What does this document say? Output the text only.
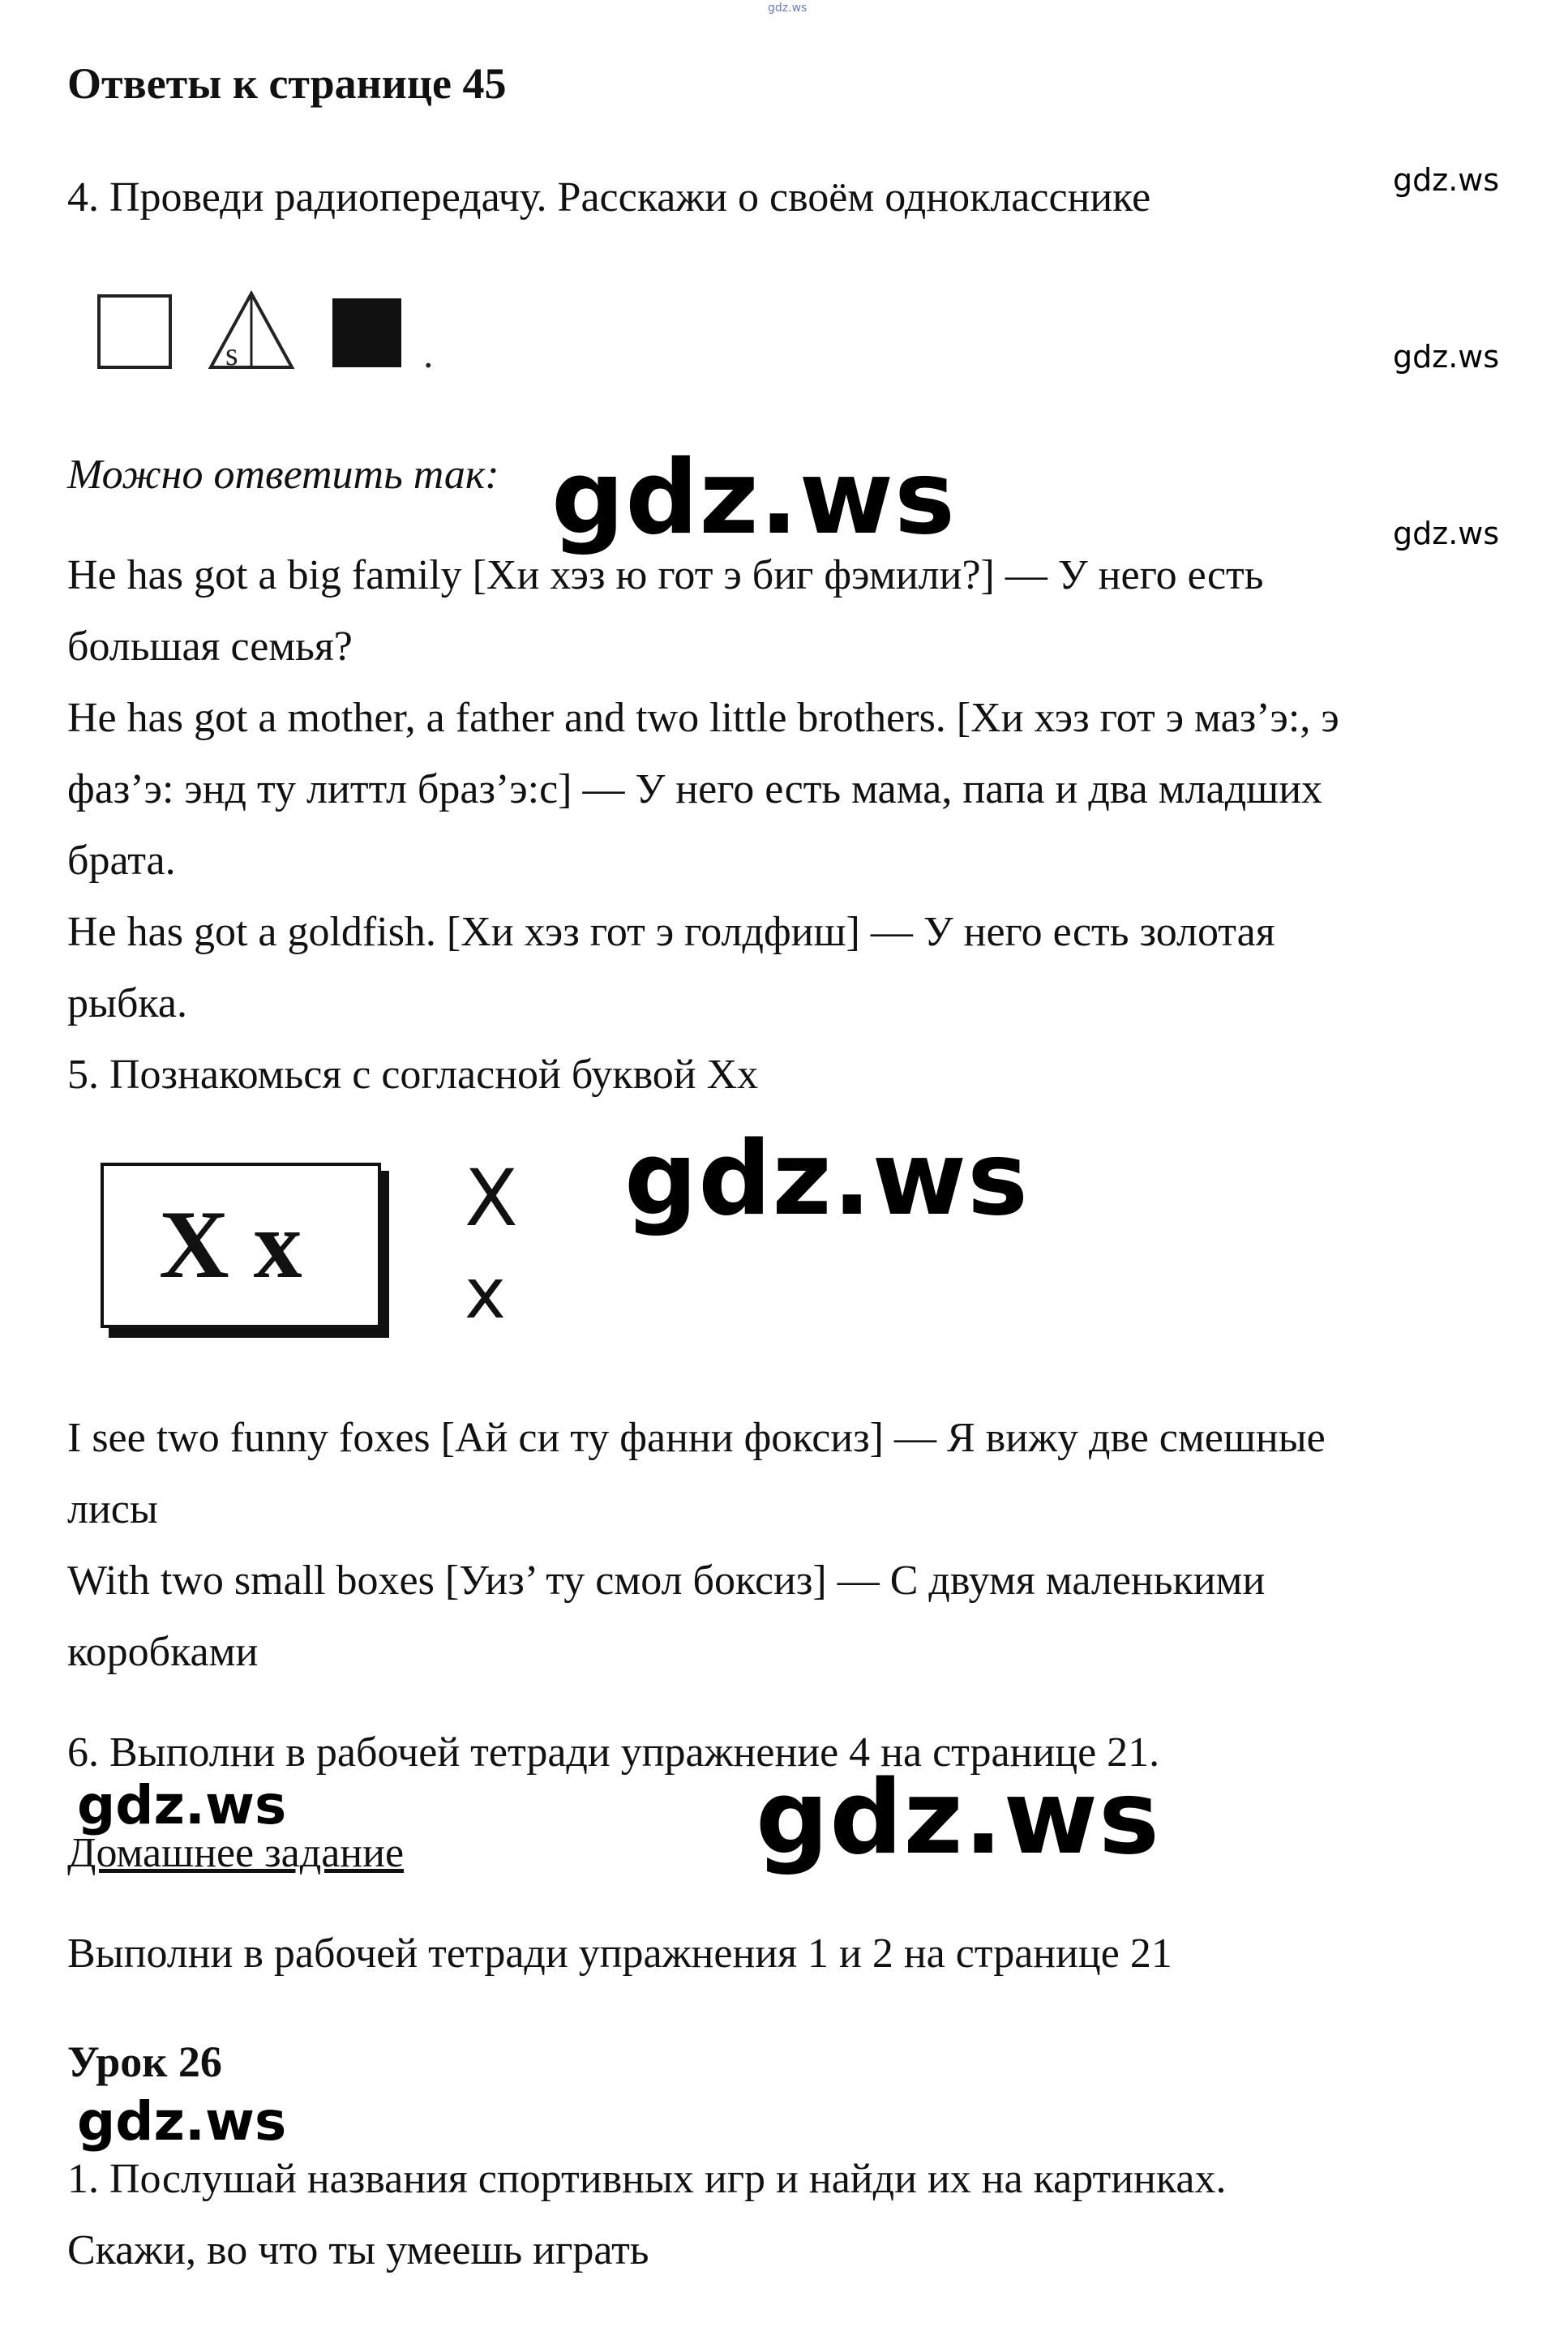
gdz.ws
Ответы к странице 45
4. Проведи радиопередачу. Расскажи о своём однокласснике	gdz.ws
gdz.ws
gdz.ws
s	.
Можно ответить так: gdz.ws
He has got a big family [Хи хэз ю гот э биг фэмили?] — У него есть
большая семья?
He has got a mother, a father and two little brothers. [Хи хэз гот э маз’э:, э
фаз’э: энд ту литтл браз’э:с] — У него есть мама, папа и два младших
брата.
He has got a goldfish. [Хи хэз гот э голдфиш] — У него есть золотая
рыбка.
5. Познакомься с согласной буквой Хх
X x X
x
gdz.ws
I see two funny foxes [Ай си ту фанни фоксиз] — Я вижу две смешные
лисы
With two small boxes [Уиз’ ту смол боксиз] — С двумя маленькими
коробками
6. Выполни в рабочей тетради упражнение 4 на странице 21.
gdz.ws	gdz.ws
Домашнее задание
Выполни в рабочей тетради упражнения 1 и 2 на странице 21
Урок 26
gdz.ws
1. Послушай названия спортивных игр и найди их на картинках.
Скажи, во что ты умеешь играть
